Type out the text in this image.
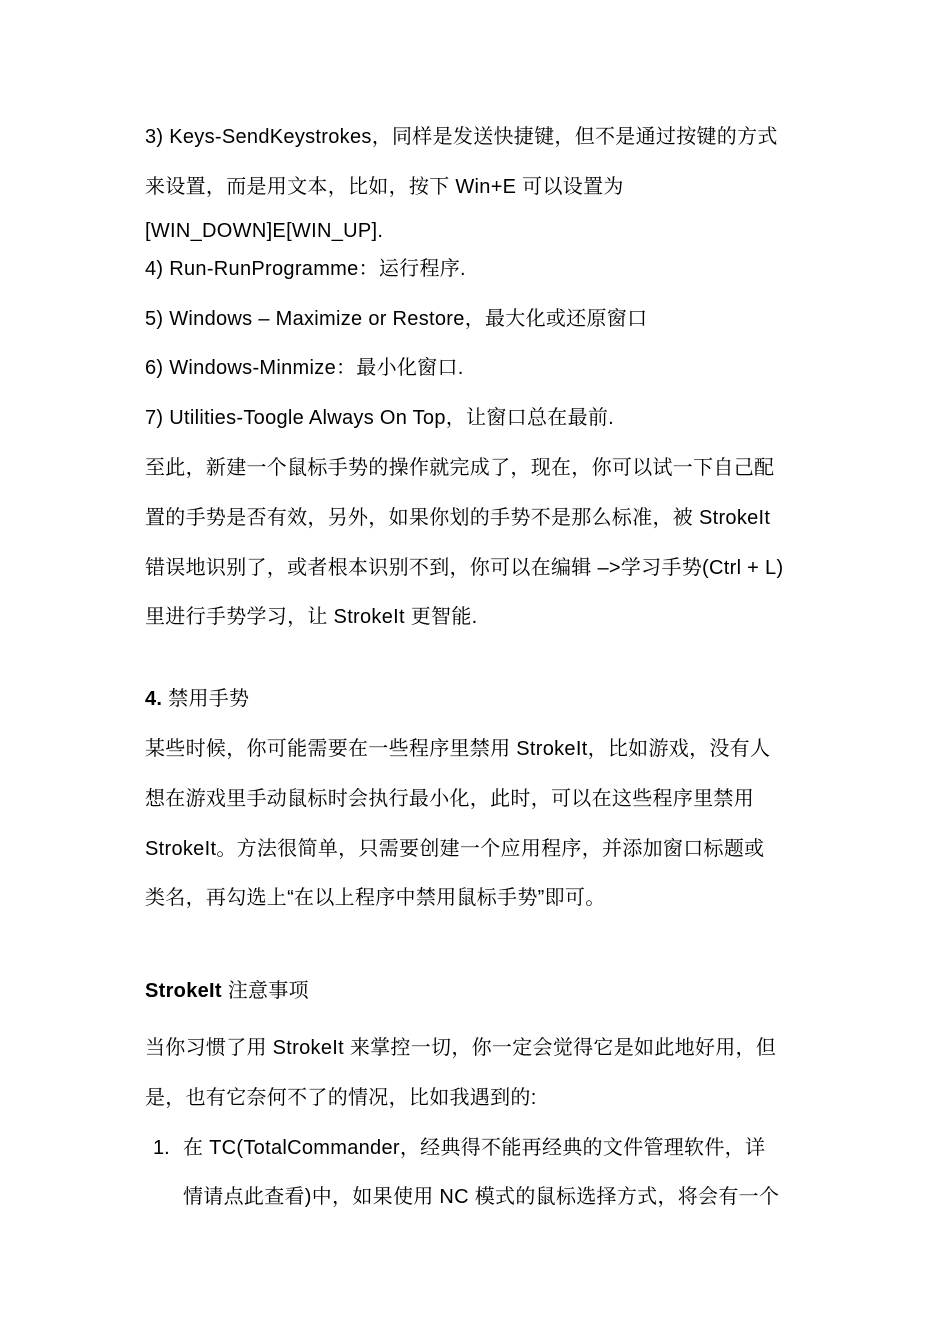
3) Keys-SendKeystrokes，同样是发送快捷键，但不是通过按键的方式
来设置，而是用文本，比如，按下 Win+E 可以设置为
[WIN_DOWN]E[WIN_UP].
4) Run-RunProgramme：运行程序.
5) Windows – Maximize or Restore，最大化或还原窗口
6) Windows-Minmize：最小化窗口.
7) Utilities-Toogle Always On Top，让窗口总在最前.
至此，新建一个鼠标手势的操作就完成了，现在，你可以试一下自己配
置的手势是否有效，另外，如果你划的手势不是那么标准，被 StrokeIt
错误地识别了，或者根本识别不到，你可以在编辑 –>学习手势(Ctrl + L)
里进行手势学习，让 StrokeIt 更智能.
4. 禁用手势
某些时候，你可能需要在一些程序里禁用 StrokeIt，比如游戏，没有人
想在游戏里手动鼠标时会执行最小化，此时，可以在这些程序里禁用
StrokeIt。方法很简单，只需要创建一个应用程序，并添加窗口标题或
类名，再勾选上“在以上程序中禁用鼠标手势”即可。
StrokeIt 注意事项
当你习惯了用 StrokeIt 来掌控一切，你一定会觉得它是如此地好用，但
是，也有它奈何不了的情况，比如我遇到的:
1. 在 TC(TotalCommander，经典得不能再经典的文件管理软件，详
情请点此查看)中，如果使用 NC 模式的鼠标选择方式，将会有一个
